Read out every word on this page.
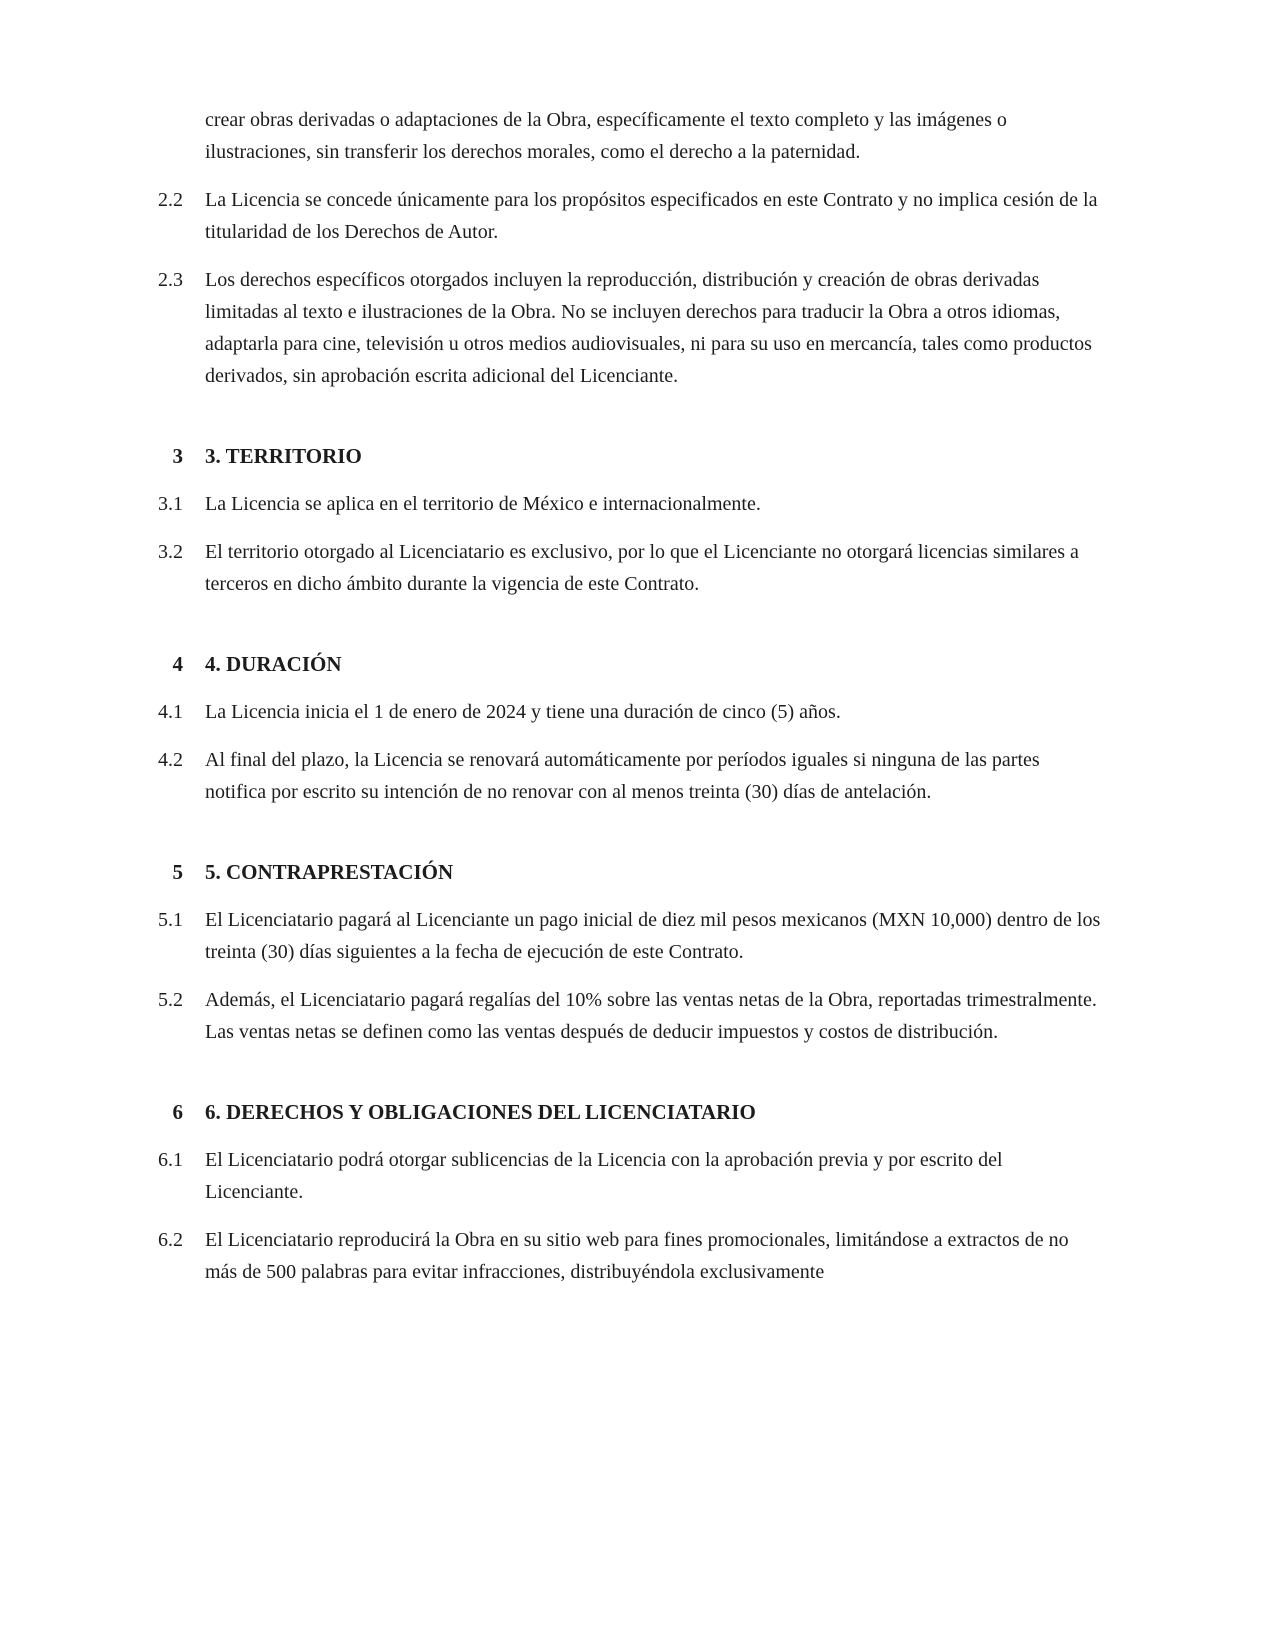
crear obras derivadas o adaptaciones de la Obra, específicamente el texto completo y las imágenes o ilustraciones, sin transferir los derechos morales, como el derecho a la paternidad.

2.2 La Licencia se concede únicamente para los propósitos especificados en este Contrato y no implica cesión de la titularidad de los Derechos de Autor.

2.3 Los derechos específicos otorgados incluyen la reproducción, distribución y creación de obras derivadas limitadas al texto e ilustraciones de la Obra. No se incluyen derechos para traducir la Obra a otros idiomas, adaptarla para cine, televisión u otros medios audiovisuales, ni para su uso en mercancía, tales como productos derivados, sin aprobación escrita adicional del Licenciante.

3 3. TERRITORIO

3.1 La Licencia se aplica en el territorio de México e internacionalmente.

3.2 El territorio otorgado al Licenciatario es exclusivo, por lo que el Licenciante no otorgará licencias similares a terceros en dicho ámbito durante la vigencia de este Contrato.

4 4. DURACIÓN

4.1 La Licencia inicia el 1 de enero de 2024 y tiene una duración de cinco (5) años.

4.2 Al final del plazo, la Licencia se renovará automáticamente por períodos iguales si ninguna de las partes notifica por escrito su intención de no renovar con al menos treinta (30) días de antelación.

5 5. CONTRAPRESTACIÓN

5.1 El Licenciatario pagará al Licenciante un pago inicial de diez mil pesos mexicanos (MXN 10,000) dentro de los treinta (30) días siguientes a la fecha de ejecución de este Contrato.

5.2 Además, el Licenciatario pagará regalías del 10% sobre las ventas netas de la Obra, reportadas trimestralmente. Las ventas netas se definen como las ventas después de deducir impuestos y costos de distribución.

6 6. DERECHOS Y OBLIGACIONES DEL LICENCIATARIO

6.1 El Licenciatario podrá otorgar sublicencias de la Licencia con la aprobación previa y por escrito del Licenciante.

6.2 El Licenciatario reproducirá la Obra en su sitio web para fines promocionales, limitándose a extractos de no más de 500 palabras para evitar infracciones, distribuyéndola exclusivamente
